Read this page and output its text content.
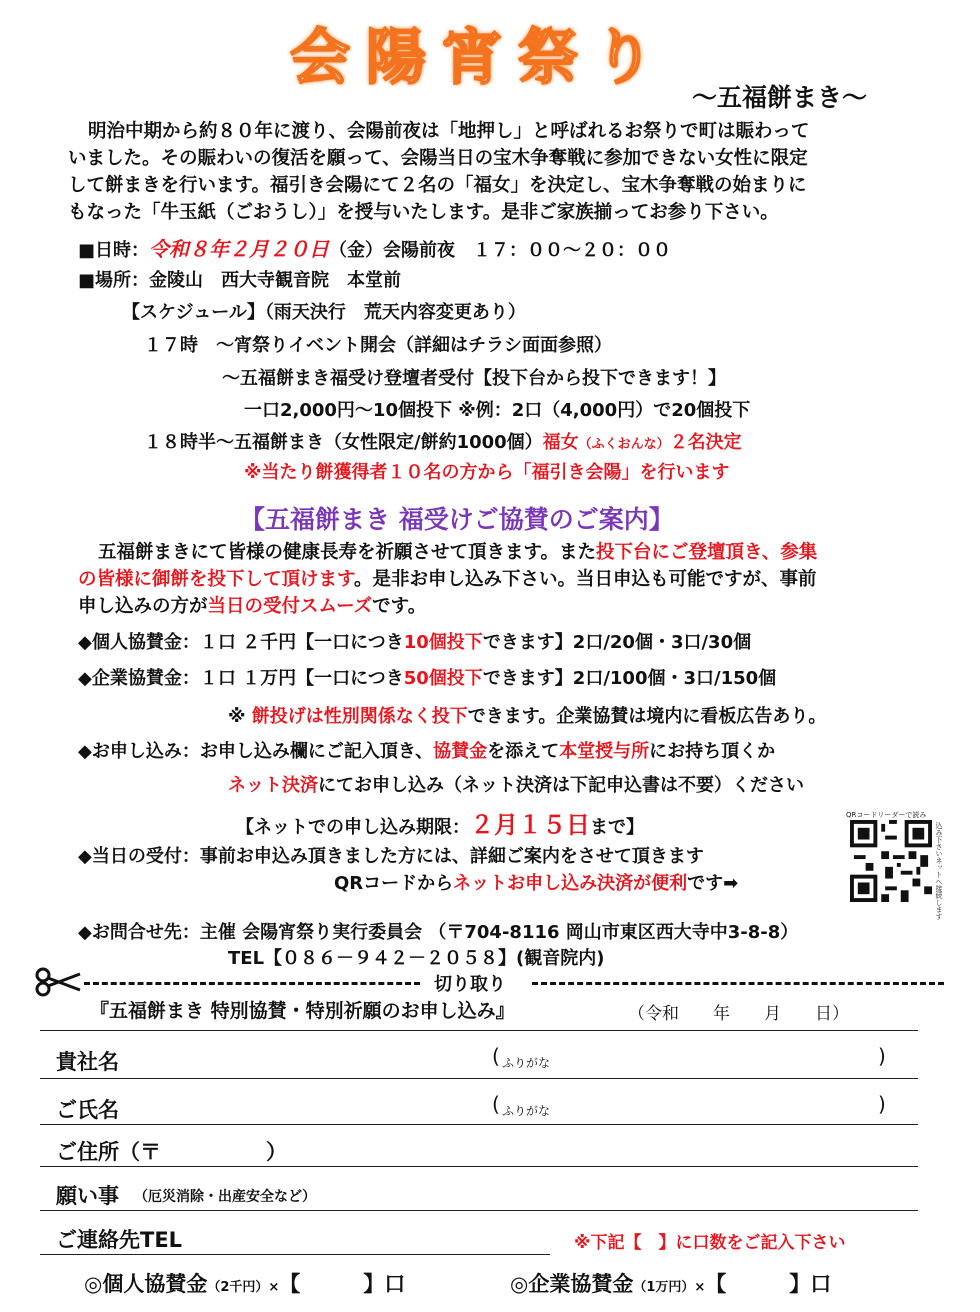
会陽宵祭り
～五福餅まき～
明治中期から約８０年に渡り、会陽前夜は「地押し」と呼ばれるお祭りで町は賑わって
いました。その賑わいの復活を願って、会陽当日の宝木争奪戦に参加できない女性に限定
して餅まきを行います。福引き会陽にて２名の「福女」を決定し、宝木争奪戦の始まりに
もなった「牛玉紙（ごおうし）」を授与いたします。是非ご家族揃ってお参り下さい。
■日時：令和８年２月２０日（金）会陽前夜　１７：００～２０：００
■場所：金陵山　西大寺観音院　本堂前
【スケジュール】（雨天決行　荒天内容変更あり）
１７時　～宵祭りイベント開会（詳細はチラシ面面参照）
～五福餅まき福受け登壇者受付【投下台から投下できます！】
一口2,000円～10個投下 ※例：2口（4,000円）で20個投下
１８時半～五福餅まき（女性限定/餅約1000個）福女（ふくおんな）２名決定
※当たり餅獲得者１０名の方から「福引き会陽」を行います
【五福餅まき 福受けご協賛のご案内】
五福餅まきにて皆様の健康長寿を祈願させて頂きます。また投下台にご登壇頂き、参集
の皆様に御餅を投下して頂けます。是非お申し込み下さい。当日申込も可能ですが、事前
申し込みの方が当日の受付スムーズです。
◆個人協賛金：１口 ２千円【一口につき10個投下できます】2口/20個・3口/30個
◆企業協賛金：１口 １万円【一口につき50個投下できます】2口/100個・3口/150個
※ 餅投げは性別関係なく投下できます。企業協賛は境内に看板広告あり。
◆お申し込み：お申し込み欄にご記入頂き、協賛金を添えて本堂授与所にお持ち頂くか
ネット決済にてお申し込み（ネット決済は下記申込書は不要）ください
【ネットでの申し込み期限：２月１５日まで】
◆当日の受付：事前お申込み頂きました方には、詳細ご案内をさせて頂きます
QRコードからネットお申し込み決済が便利です➡
QRコードリーダーで読み
込み下さいネットへ接続します
◆お問合せ先：主催 会陽宵祭り実行委員会 （〒704‐8116 岡山市東区西大寺中3‐8‐8）
TEL【０８６－９４２－２０５８】(観音院内)
切り取り
『五福餅まき 特別協賛・特別祈願のお申し込み』	（令和　　年　　月　　日）
貴社名	( ふりがな	)
ご氏名	( ふりがな	)
ご住所（〒　　　　　）
願い事 （厄災消除・出産安全など）
ご連絡先TEL	※下記【　】に口数をご記入下さい
◎個人協賛金（2千円）×【　　　】口	◎企業協賛金（1万円）×【　　　】口
